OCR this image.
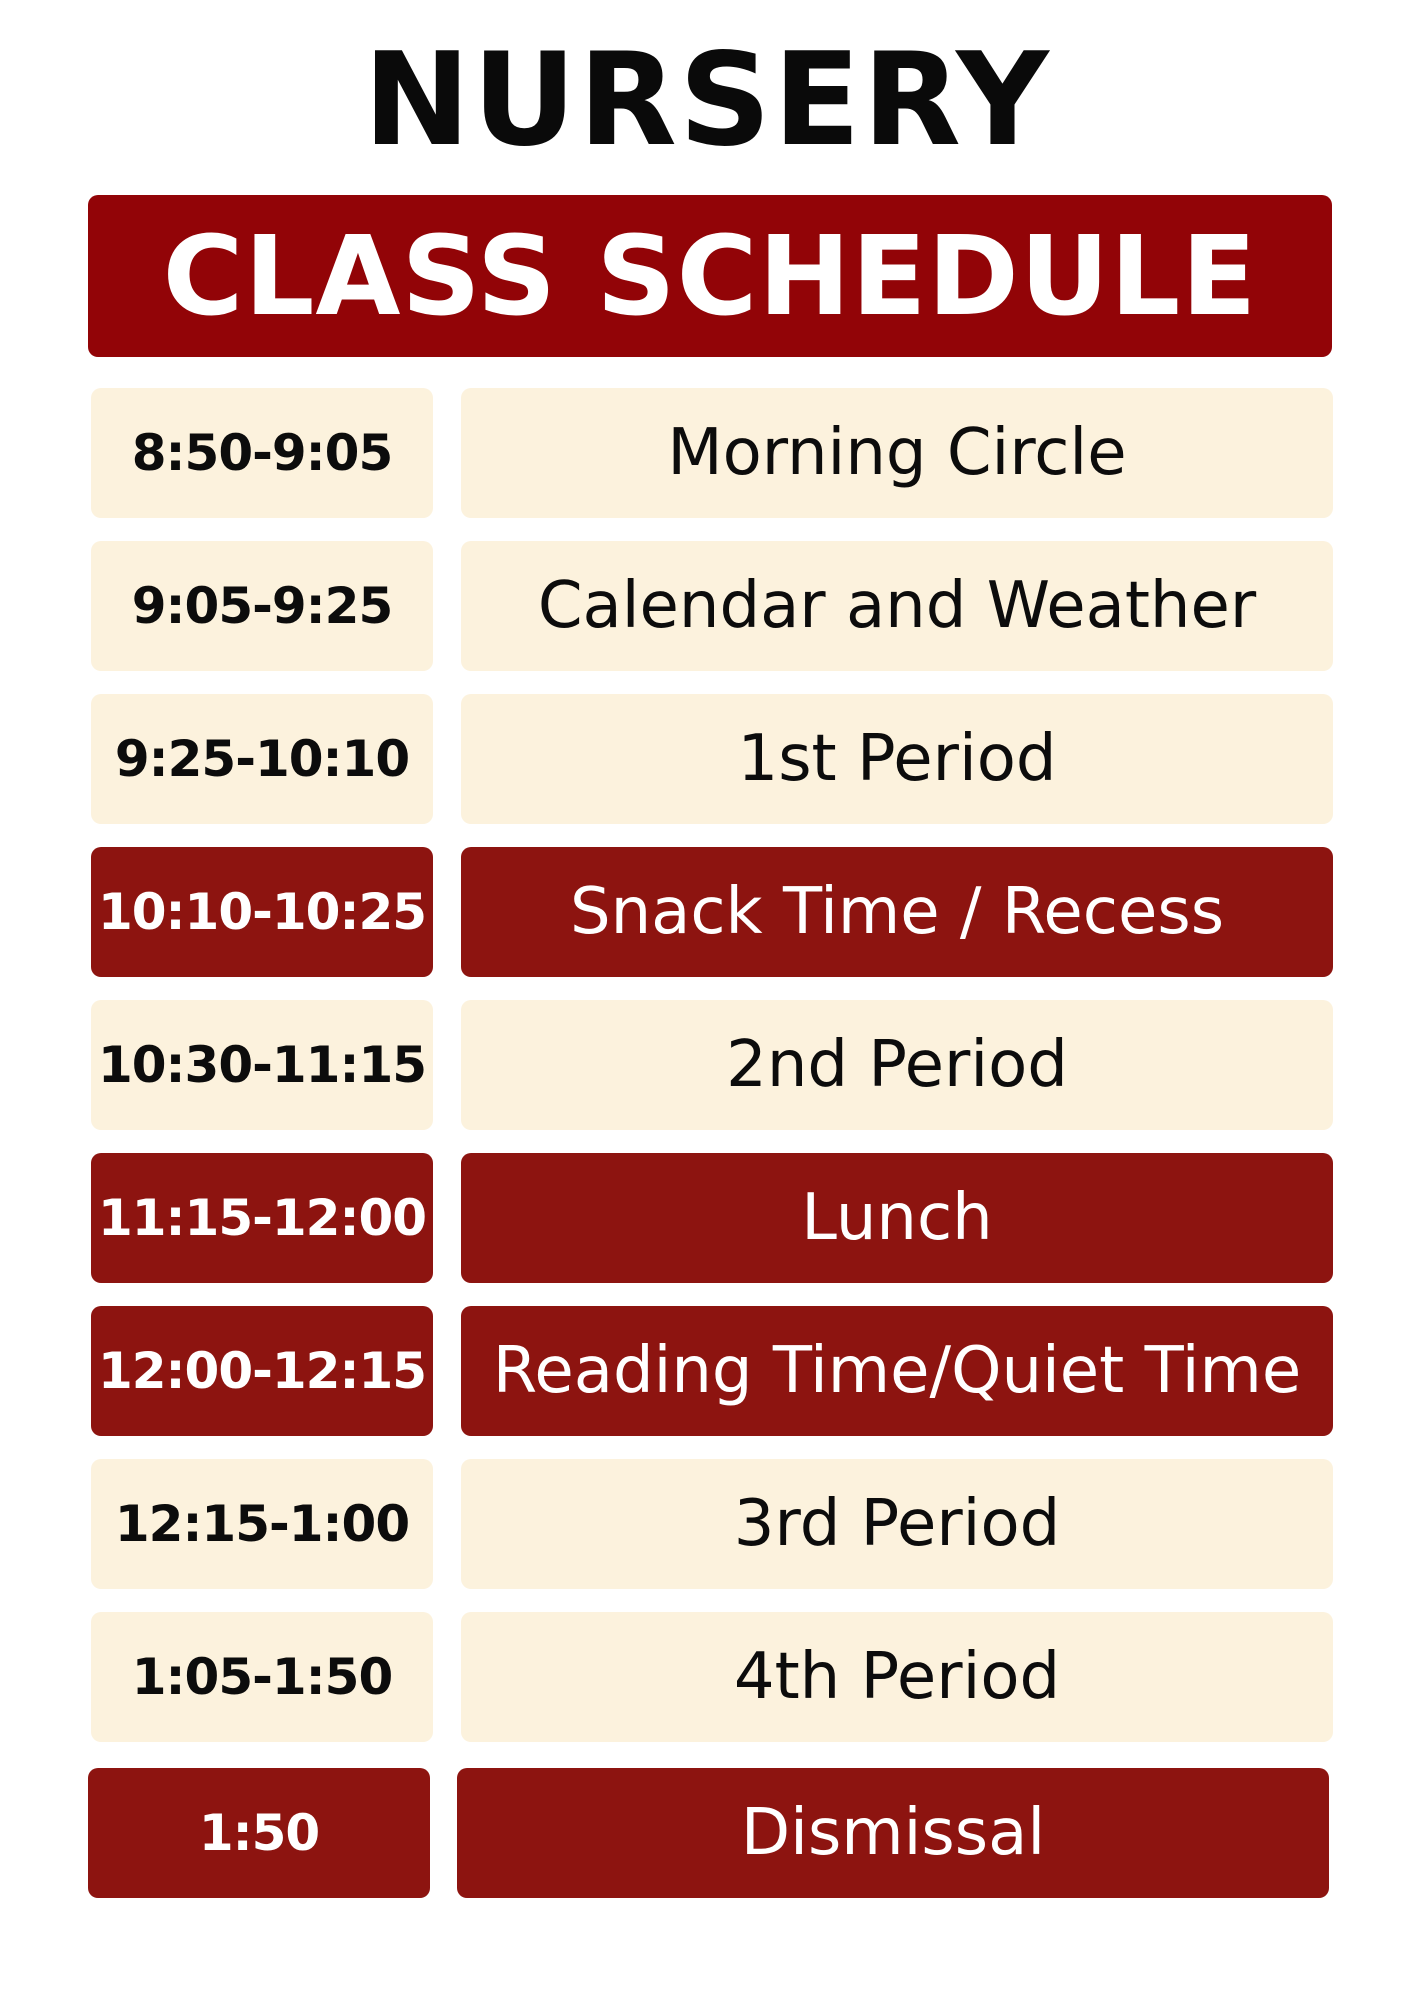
NURSERY
CLASS SCHEDULE
8:50-9:05	Morning Circle
9:05-9:25	Calendar and Weather
9:25-10:10	1st Period
10:10-10:25	Snack Time / Recess
10:30-11:15	2nd Period
11:15-12:00	Lunch
12:00-12:15	Reading Time/Quiet Time
12:15-1:00	3rd Period
1:05-1:50	4th Period
1:50	Dismissal
